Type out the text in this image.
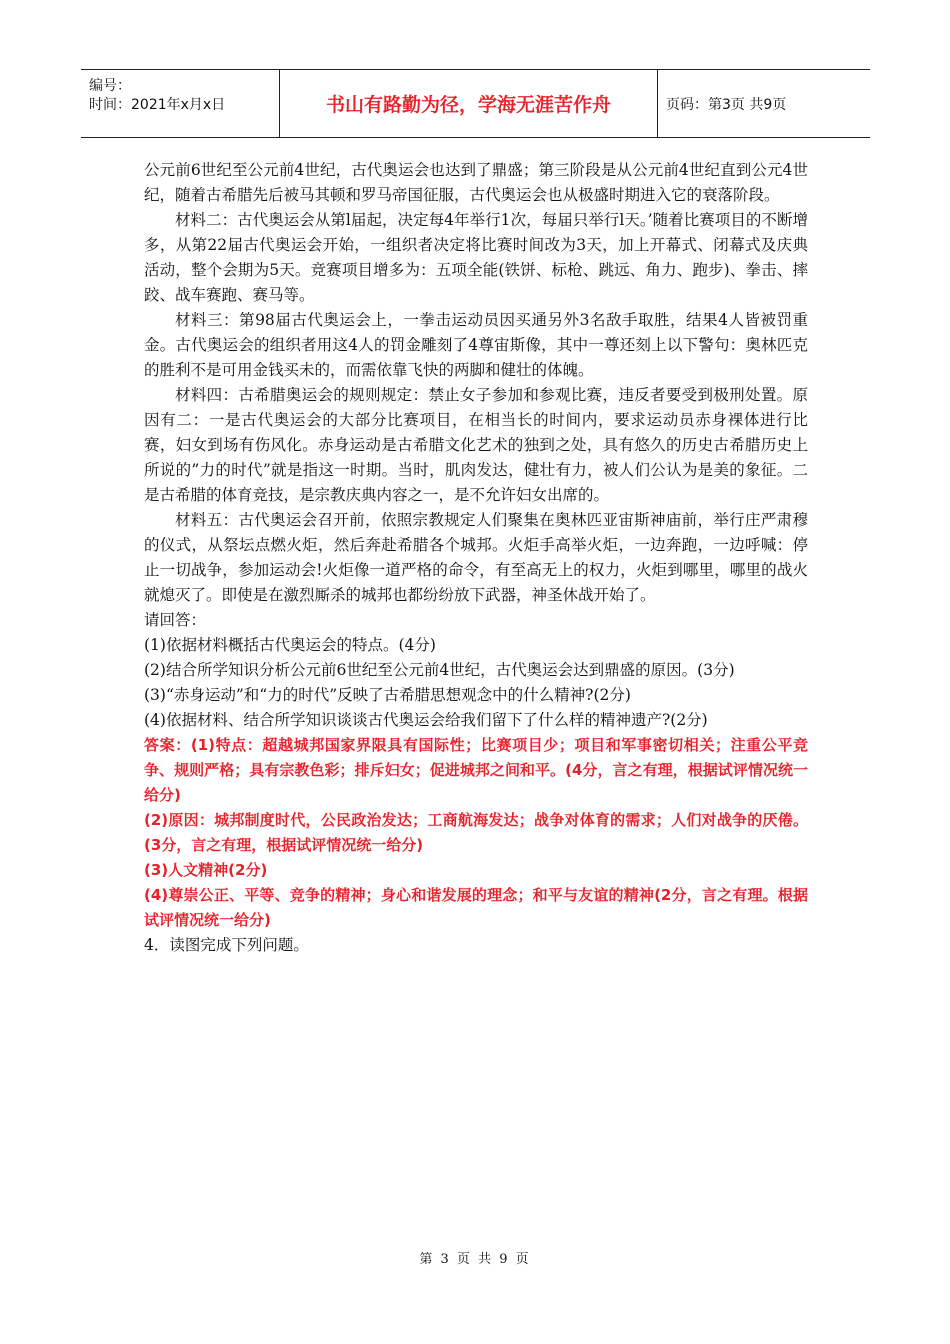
编号：
时间：2021年x月x日	书山有路勤为径，学海无涯苦作舟	页码：第3页 共9页

公元前6世纪至公元前4世纪，古代奥运会也达到了鼎盛；第三阶段是从公元前4世纪直到公元4世纪，随着古希腊先后被马其顿和罗马帝国征服，古代奥运会也从极盛时期进入它的衰落阶段。

材料二：古代奥运会从第l届起，决定每4年举行1次，每届只举行l天。’随着比赛项目的不断增多，从第22届古代奥运会开始，一组织者决定将比赛时间改为3天，加上开幕式、闭幕式及庆典活动，整个会期为5天。竞赛项目增多为：五项全能(铁饼、标枪、跳远、角力、跑步)、拳击、摔跤、战车赛跑、赛马等。

材料三：第98届古代奥运会上，一拳击运动员因买通另外3名敌手取胜，结果4人皆被罚重金。古代奥运会的组织者用这4人的罚金雕刻了4尊宙斯像，其中一尊还刻上以下警句：奥林匹克的胜利不是可用金钱买未的，而需依靠飞快的两脚和健壮的体魄。

材料四：古希腊奥运会的规则规定：禁止女子参加和参观比赛，违反者要受到极刑处置。原因有二：一是古代奥运会的大部分比赛项目，在相当长的时间内，要求运动员赤身裸体进行比赛，妇女到场有伤风化。赤身运动是古希腊文化艺术的独到之处，具有悠久的历史古希腊历史上所说的”力的时代”就是指这一时期。当时，肌肉发达，健壮有力，被人们公认为是美的象征。二是古希腊的体育竞技，是宗教庆典内容之一，是不允许妇女出席的。

材料五：古代奥运会召开前，依照宗教规定人们聚集在奥林匹亚宙斯神庙前，举行庄严肃穆的仪式，从祭坛点燃火炬，然后奔赴希腊各个城邦。火炬手高举火炬，一边奔跑，一边呼喊：停止一切战争，参加运动会!火炬像一道严格的命令，有至高无上的权力，火炬到哪里，哪里的战火就熄灭了。即使是在激烈厮杀的城邦也都纷纷放下武器，神圣休战开始了。

请回答：

(1)依据材料概括古代奥运会的特点。(4分)

(2)结合所学知识分析公元前6世纪至公元前4世纪，古代奥运会达到鼎盛的原因。(3分)

(3)“赤身运动”和“力的时代”反映了古希腊思想观念中的什么精神?(2分)

(4)依据材料、结合所学知识谈谈古代奥运会给我们留下了什么样的精神遗产?(2分)

答案：(1)特点：超越城邦国家界限具有国际性；比赛项目少；项目和军事密切相关；注重公平竞争、规则严格；具有宗教色彩；排斥妇女；促进城邦之间和平。(4分，言之有理，根据试评情况统一给分)

(2)原因：城邦制度时代，公民政治发达；工商航海发达；战争对体育的需求；人们对战争的厌倦。(3分，言之有理，根据试评情况统一给分)

(3)人文精神(2分)

(4)尊崇公正、平等、竞争的精神；身心和谐发展的理念；和平与友谊的精神(2分，言之有理。根据试评情况统一给分)

4．读图完成下列问题。

第 3 页 共 9 页
